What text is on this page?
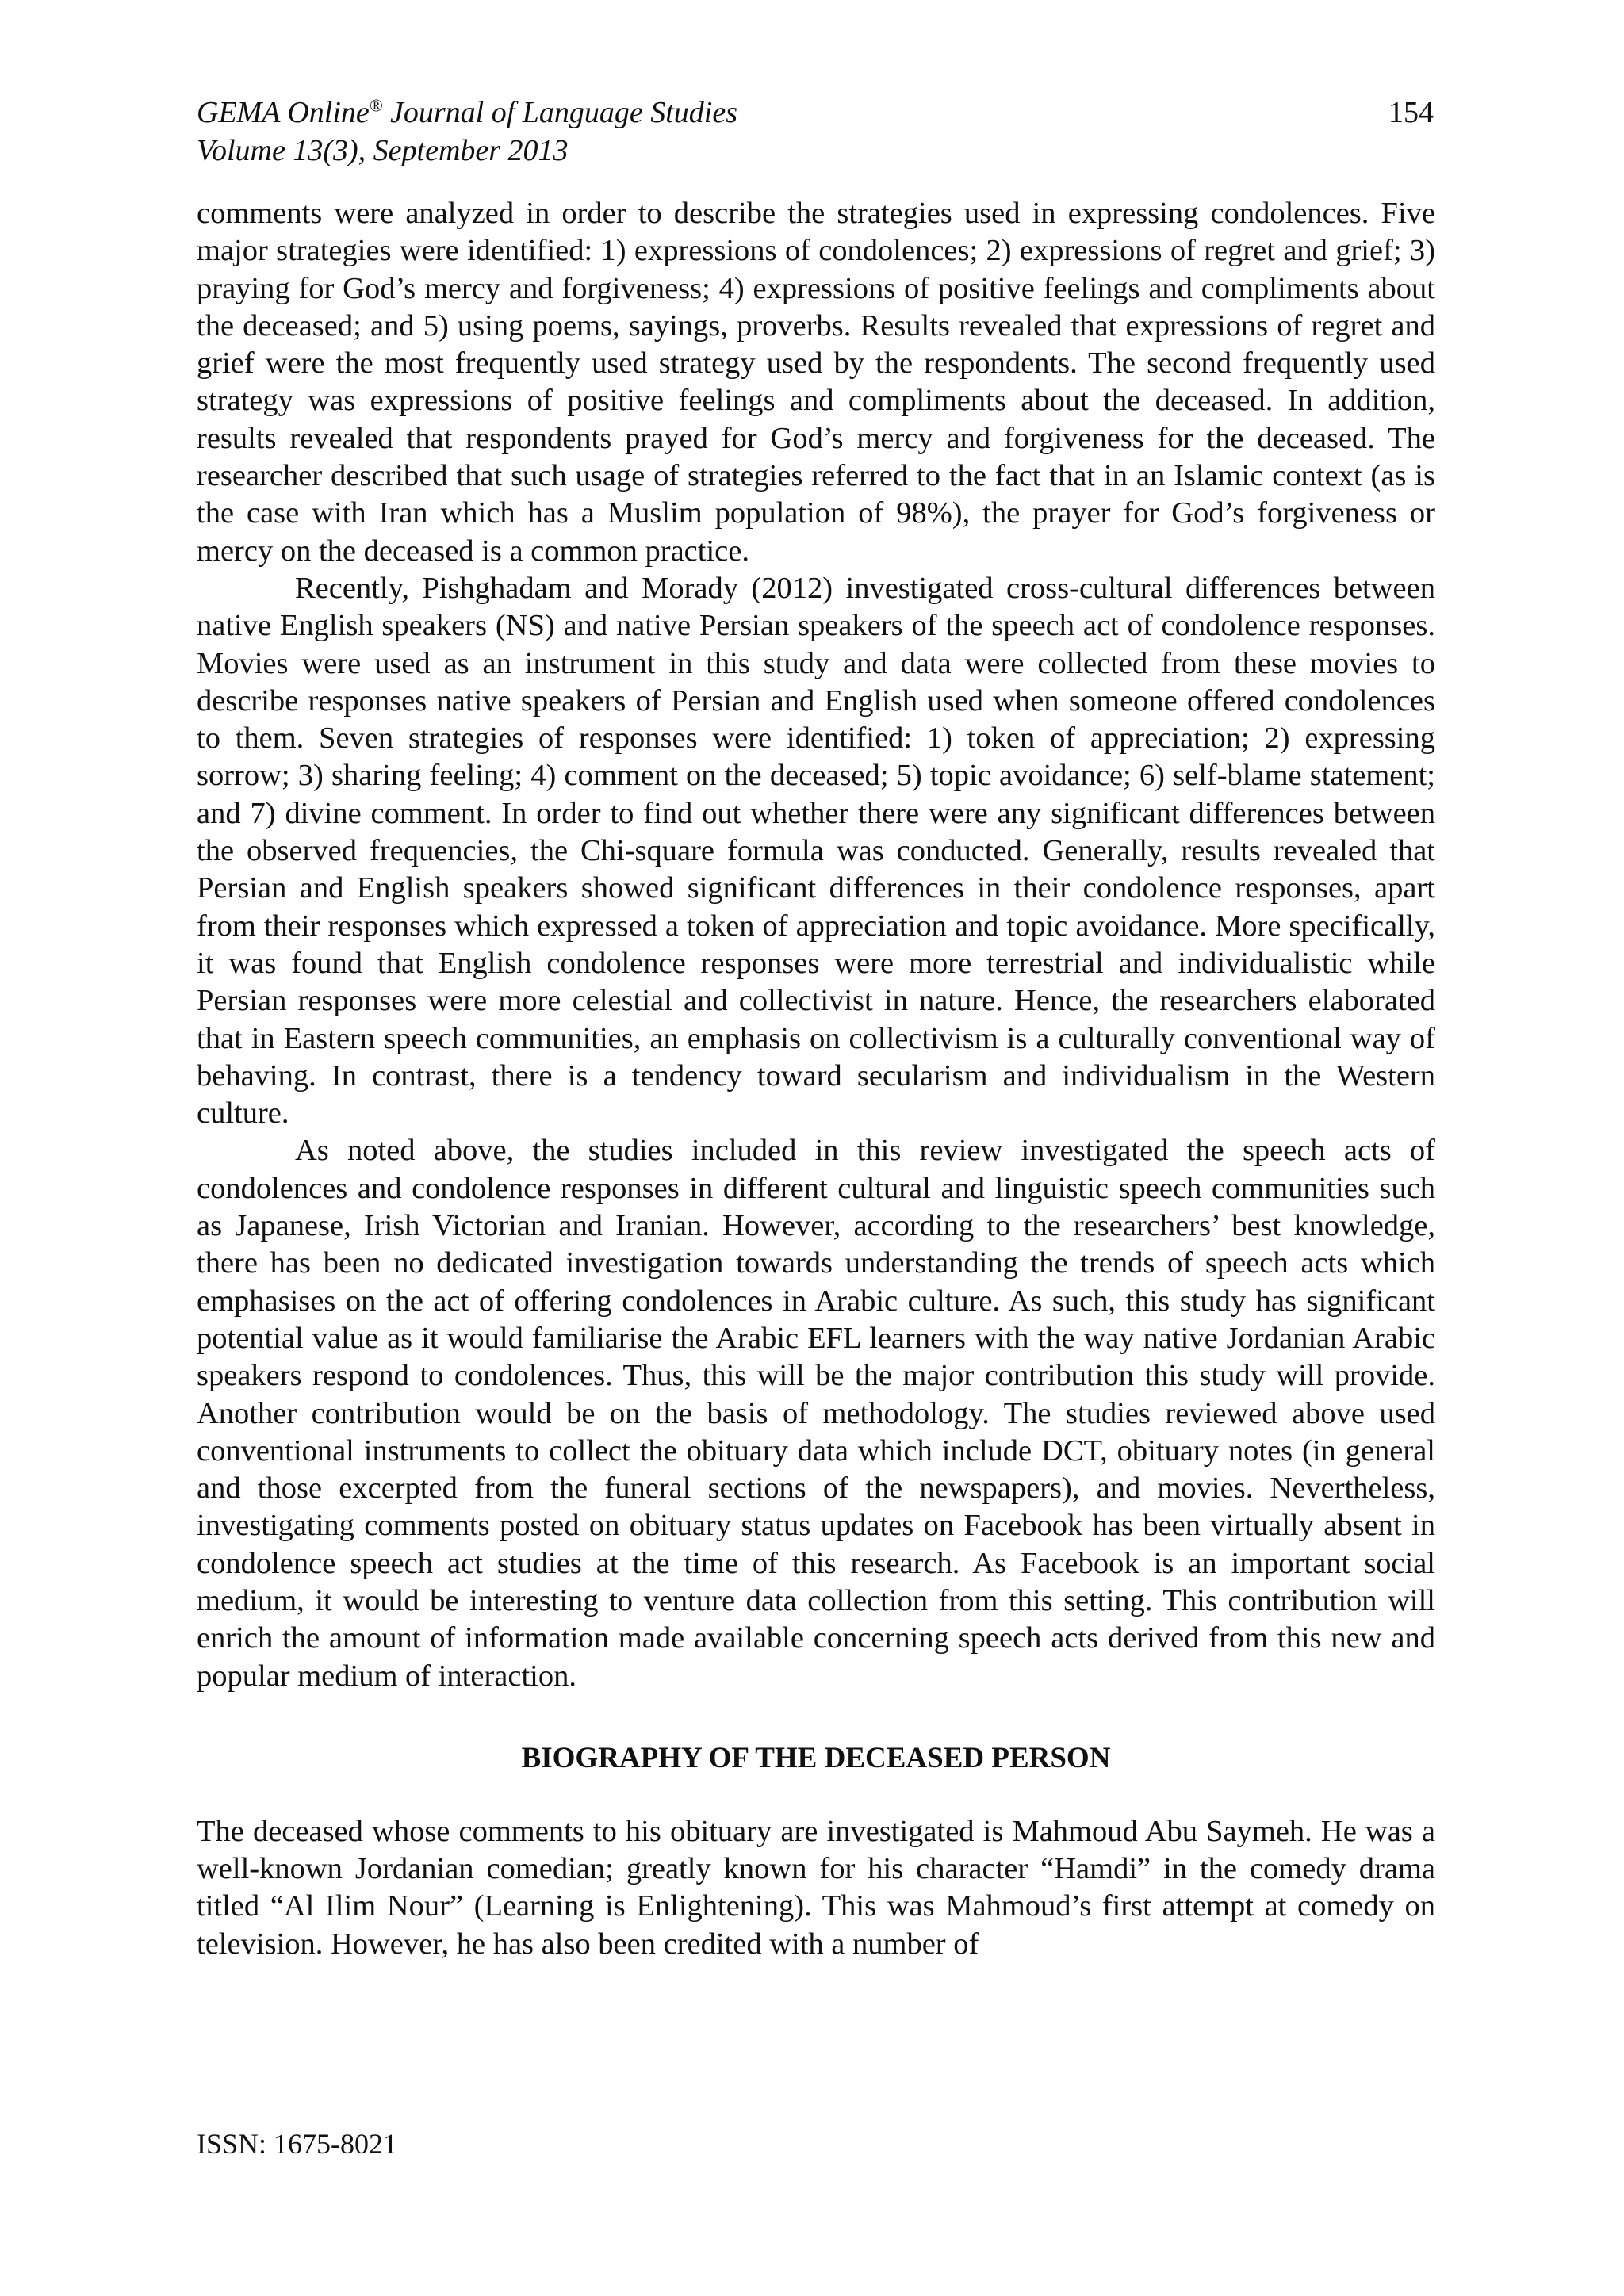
GEMA Online® Journal of Language Studies	154
Volume 13(3), September 2013

comments were analyzed in order to describe the strategies used in expressing condolences. Five major strategies were identified: 1) expressions of condolences; 2) expressions of regret and grief; 3) praying for God’s mercy and forgiveness; 4) expressions of positive feelings and compliments about the deceased; and 5) using poems, sayings, proverbs. Results revealed that expressions of regret and grief were the most frequently used strategy used by the respondents. The second frequently used strategy was expressions of positive feelings and compliments about the deceased. In addition, results revealed that respondents prayed for God’s mercy and forgiveness for the deceased. The researcher described that such usage of strategies referred to the fact that in an Islamic context (as is the case with Iran which has a Muslim population of 98%), the prayer for God’s forgiveness or mercy on the deceased is a common practice.

Recently, Pishghadam and Morady (2012) investigated cross-cultural differences between native English speakers (NS) and native Persian speakers of the speech act of condolence responses. Movies were used as an instrument in this study and data were collected from these movies to describe responses native speakers of Persian and English used when someone offered condolences to them. Seven strategies of responses were identified: 1) token of appreciation; 2) expressing sorrow; 3) sharing feeling; 4) comment on the deceased; 5) topic avoidance; 6) self-blame statement; and 7) divine comment. In order to find out whether there were any significant differences between the observed frequencies, the Chi-square formula was conducted. Generally, results revealed that Persian and English speakers showed significant differences in their condolence responses, apart from their responses which expressed a token of appreciation and topic avoidance. More specifically, it was found that English condolence responses were more terrestrial and individualistic while Persian responses were more celestial and collectivist in nature. Hence, the researchers elaborated that in Eastern speech communities, an emphasis on collectivism is a culturally conventional way of behaving. In contrast, there is a tendency toward secularism and individualism in the Western culture.

As noted above, the studies included in this review investigated the speech acts of condolences and condolence responses in different cultural and linguistic speech communities such as Japanese, Irish Victorian and Iranian. However, according to the researchers’ best knowledge, there has been no dedicated investigation towards understanding the trends of speech acts which emphasises on the act of offering condolences in Arabic culture. As such, this study has significant potential value as it would familiarise the Arabic EFL learners with the way native Jordanian Arabic speakers respond to condolences. Thus, this will be the major contribution this study will provide. Another contribution would be on the basis of methodology. The studies reviewed above used conventional instruments to collect the obituary data which include DCT, obituary notes (in general and those excerpted from the funeral sections of the newspapers), and movies. Nevertheless, investigating comments posted on obituary status updates on Facebook has been virtually absent in condolence speech act studies at the time of this research. As Facebook is an important social medium, it would be interesting to venture data collection from this setting. This contribution will enrich the amount of information made available concerning speech acts derived from this new and popular medium of interaction.

BIOGRAPHY OF THE DECEASED PERSON

The deceased whose comments to his obituary are investigated is Mahmoud Abu Saymeh. He was a well-known Jordanian comedian; greatly known for his character “Hamdi” in the comedy drama titled “Al Ilim Nour” (Learning is Enlightening). This was Mahmoud’s first attempt at comedy on television. However, he has also been credited with a number of

ISSN: 1675-8021
